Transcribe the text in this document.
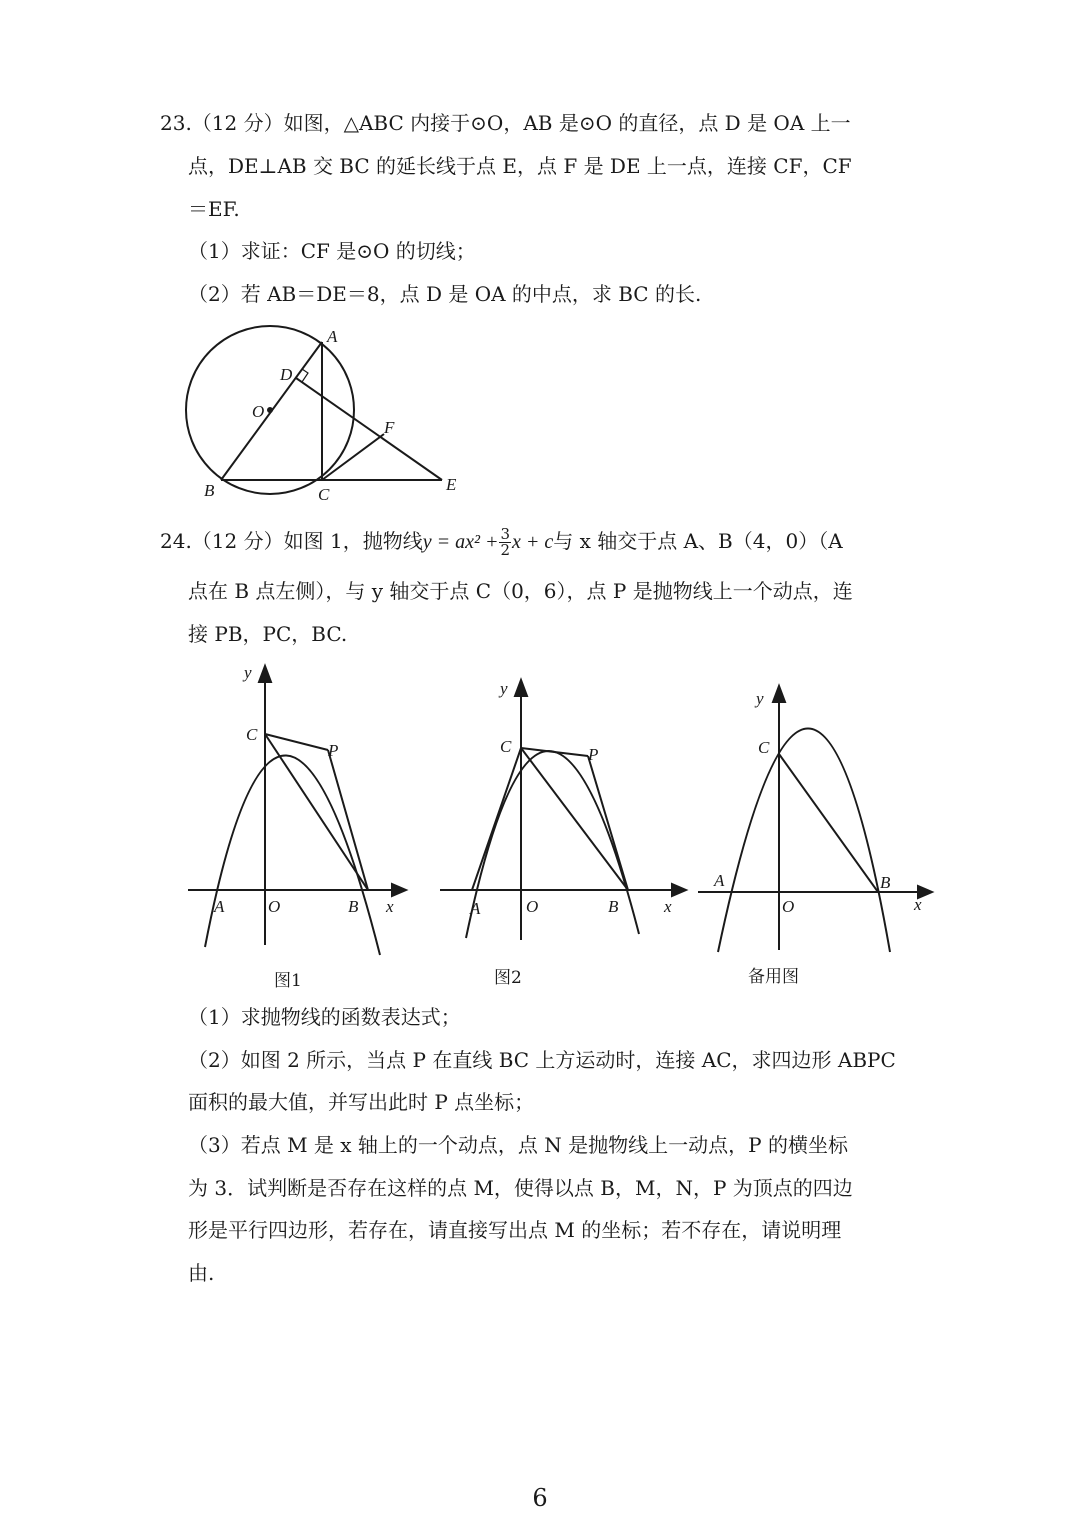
23.（12 分）如图，△ABC 内接于⊙O，AB 是⊙O 的直径，点 D 是 OA 上一
点，DE⊥AB 交 BC 的延长线于点 E，点 F 是 DE 上一点，连接 CF，CF
＝EF.
（1）求证：CF 是⊙O 的切线；
（2）若 AB＝DE＝8，点 D 是 OA 的中点，求 BC 的长.
A
D
O
F
B	C
E
24.（12 分）如图 1，抛物线$y = ax^2 + \frac{3}{2}$ x + c与 x 轴交于点 A、B（4，0）（A
点在 B 点左侧），与 y 轴交于点 C（0，6），点 P 是抛物线上一个动点，连
接 PB，PC，BC.
y
C
P
A	O	B x
图1
y
C	P
A	O	B	x
图2
y
C
A
O
B
x
备用图
（1）求抛物线的函数表达式；
（2）如图 2 所示，当点 P 在直线 BC 上方运动时，连接 AC，求四边形 ABPC
面积的最大值，并写出此时 P 点坐标；
（3）若点 M 是 x 轴上的一个动点，点 N 是抛物线上一动点，P 的横坐标
为 3．试判断是否存在这样的点 M，使得以点 B，M，N，P 为顶点的四边
形是平行四边形，若存在，请直接写出点 M 的坐标；若不存在，请说明理
由.
6
